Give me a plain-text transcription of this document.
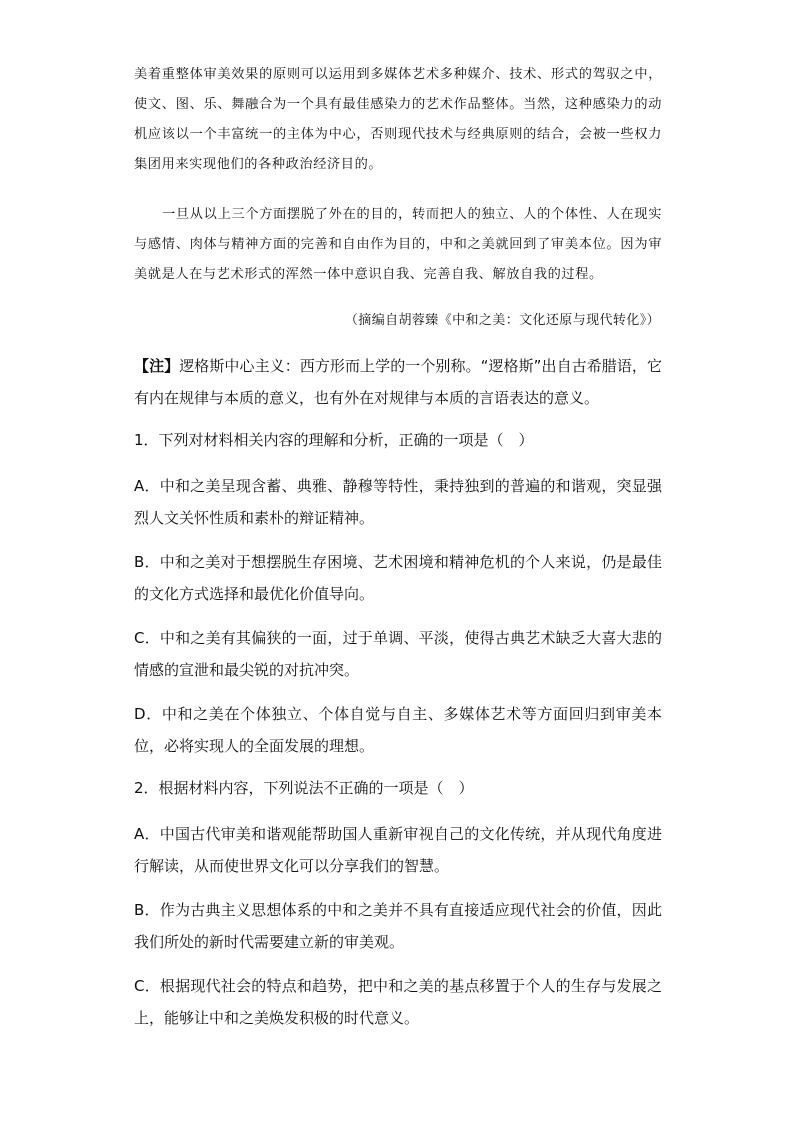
美着重整体审美效果的原则可以运用到多媒体艺术多种媒介、技术、形式的驾驭之中，使文、图、乐、舞融合为一个具有最佳感染力的艺术作品整体。当然，这种感染力的动机应该以一个丰富统一的主体为中心，否则现代技术与经典原则的结合，会被一些权力集团用来实现他们的各种政治经济目的。

一旦从以上三个方面摆脱了外在的目的，转而把人的独立、人的个体性、人在现实与感情、肉体与精神方面的完善和自由作为目的，中和之美就回到了审美本位。因为审美就是人在与艺术形式的浑然一体中意识自我、完善自我、解放自我的过程。

（摘编自胡蓉臻《中和之美：文化还原与现代转化》）

【注】逻格斯中心主义：西方形而上学的一个别称。“逻格斯”出自古希腊语，它有内在规律与本质的意义，也有外在对规律与本质的言语表达的意义。

1．下列对材料相关内容的理解和分析，正确的一项是（　）

A．中和之美呈现含蓄、典雅、静穆等特性，秉持独到的普遍的和谐观，突显强烈人文关怀性质和素朴的辩证精神。

B．中和之美对于想摆脱生存困境、艺术困境和精神危机的个人来说，仍是最佳的文化方式选择和最优化价值导向。

C．中和之美有其偏狭的一面，过于单调、平淡，使得古典艺术缺乏大喜大悲的情感的宣泄和最尖锐的对抗冲突。

D．中和之美在个体独立、个体自觉与自主、多媒体艺术等方面回归到审美本位，必将实现人的全面发展的理想。

2．根据材料内容，下列说法不正确的一项是（　）

A．中国古代审美和谐观能帮助国人重新审视自己的文化传统，并从现代角度进行解读，从而使世界文化可以分享我们的智慧。

B．作为古典主义思想体系的中和之美并不具有直接适应现代社会的价值，因此我们所处的新时代需要建立新的审美观。

C．根据现代社会的特点和趋势，把中和之美的基点移置于个人的生存与发展之上，能够让中和之美焕发积极的时代意义。
